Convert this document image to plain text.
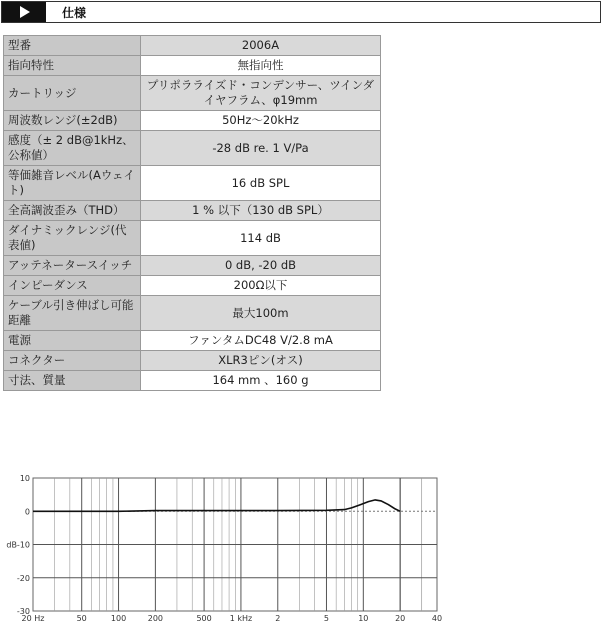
仕様
型番	2006A
指向特性	無指向性
カートリッジ	プリポラライズド・コンデンサー、ツインダイヤフラム、φ19mm
周波数レンジ(±2dB)	50Hz〜20kHz
感度（± 2 dB@1kHz、公称値）	-28 dB re. 1 V/Pa
等価雑音レベル(Aウェイト)	16 dB SPL
全高調波歪み（THD）	1 % 以下（130 dB SPL）
ダイナミックレンジ(代表値)	114 dB
アッテネータースイッチ	0 dB, -20 dB
インピーダンス	200Ω以下
ケーブル引き伸ばし可能距離	最大100m
電源	ファンタムDC48 V/2.8 mA
コネクター	XLR3ピン(オス)
寸法、質量	164 mm 、160 g
10
0
dB-10
-20
-30
20 Hz	50	100	200	500 1 kHz	2	5	10	20	40
